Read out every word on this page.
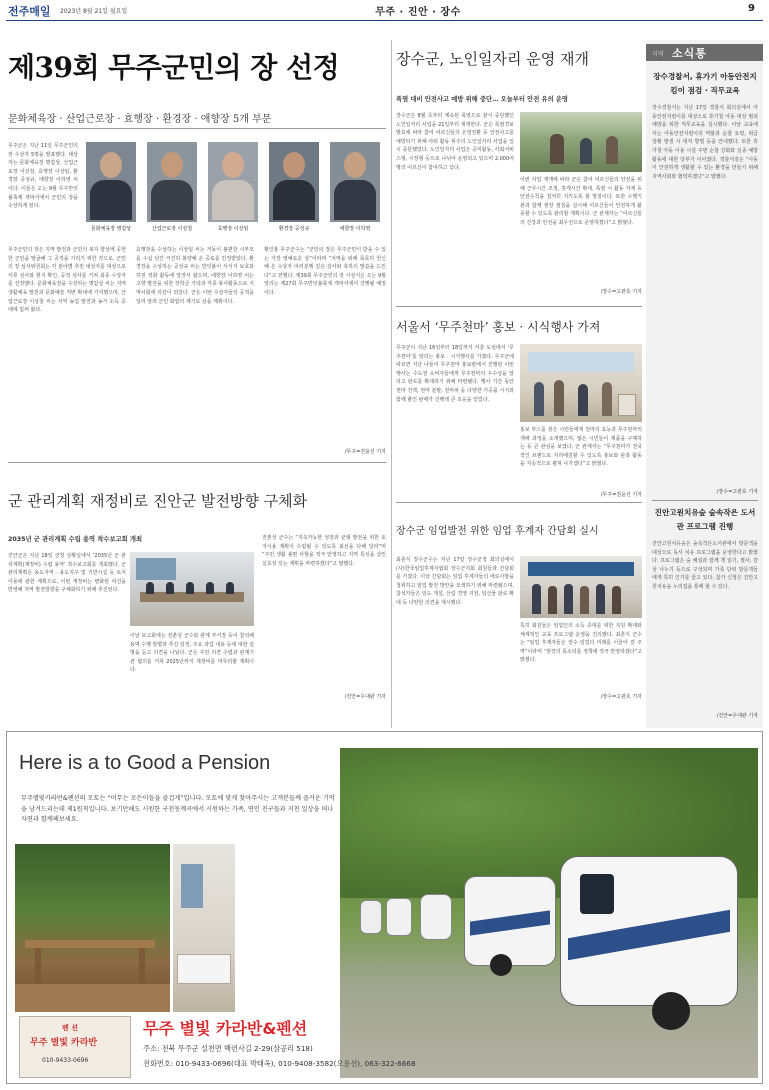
전주매일 2023년 8월 21일 월요일	무주 · 진안 · 장수	9
제39회 무주군민의 장 선정
문화체육장 · 산업근로장 · 효행장 · 환경장 · 애향장 5개 부문
무주군은 지난 11일 무주군민의 장 수상자 5명을 발표했다. 대상자는 문화체육장 명갑상, 산업근로장 이상철, 효행장 이상임, 환경장 공성규, 애향장 이하영 씨이다. 이들은 오는 9월 무주반딧불축제 개막식에서 군민의 장을 수상하게 된다.
문화체육장 명갑상	산업근로장 이상철	효행장 이상임	환경장 공성규	애향장 이하영
무주군민의 장은 지역 발전과 군민의 복지 향상에 공헌한 군민을 발굴해 그 공적을 기리기 위한 것으로, 군민의 장 심사위원회는 각 분야별 추천 대상자를 대상으로 서류 심사와 현지 확인, 공적 심사를 거쳐 최종 수상자를 선정했다. 문화체육장을 수상하는 명갑상 씨는 지역 생활체육 발전과 문화예술 저변 확대에 기여했으며, 산업근로장 이상철 씨는 지역 농업 발전과 농가 소득 증대에 힘써 왔다.
효행장을 수상하는 이상임 씨는 거동이 불편한 시부모를 수십 년간 극진히 봉양해 온 공로를 인정받았다. 환경장을 수상하는 공성규 씨는 반딧불이 서식지 보호와 하천 정화 활동에 앞장서 왔으며, 애향장 이하영 씨는 고향 발전을 위한 장학금 기탁과 각종 봉사활동으로 지역사회에 귀감이 되었다. 군은 이번 수상자들의 공적을 널리 알려 군민 화합의 계기로 삼을 계획이다.
황인홍 무주군수는 “군민의 장은 무주군민이 받을 수 있는 가장 영예로운 상”이라며 “지역을 위해 묵묵히 헌신해 온 수상자 여러분께 깊은 감사와 축하의 말씀을 드린다”고 전했다. 제39회 무주군민의 장 시상식은 오는 9월 열리는 제27회 무주반딧불축제 개막식에서 진행될 예정이다.
/무주=전윤선 기자
장수군, 노인일자리 운영 재개
폭염 대비 안전사고 예방 위해 중단… 오늘부터 안전 유의 운영
장수군은 8월 초부터 계속된 폭염으로 잠시 중단했던 노인일자리 사업을 21일부터 재개한다. 군은 폭염경보 발효에 따라 참여 어르신들의 온열질환 등 안전사고를 예방하기 위해 야외 활동 위주의 노인일자리 사업을 일시 중단했었다. 노인일자리 사업은 공익활동, 사회서비스형, 시장형 등으로 나뉘어 운영되고 있으며 2,000여 명의 어르신이 참여하고 있다.
이번 사업 재개에 따라 군은 참여 어르신들의 안전을 위해 근무시간 조정, 휴게시간 확대, 폭염 시 활동 자제 등 안전수칙을 철저히 지키도록 할 방침이다. 또한 수행기관과 함께 현장 점검을 실시해 어르신들이 안전하게 활동할 수 있도록 관리할 계획이다. 군 관계자는 “어르신들의 건강과 안전을 최우선으로 운영하겠다”고 밝혔다.
/장수=고관호 기자
서울서 ‘무주천마’ 홍보 · 시식행사 가져
무주군이 지난 16일부터 18일까지 서울 도심에서 ‘무주천마’를 알리는 홍보 · 시식행사를 가졌다. 무주군에 따르면 지난 나들이 무주천마 홍보관에서 진행된 이번 행사는 수도권 소비자들에게 무주천마의 우수성을 알리고 판로를 확대하기 위해 마련됐다. 행사 기간 동안 천마 진액, 천마 분말, 천마차 등 다양한 가공품 시식과 함께 할인 판매가 진행돼 큰 호응을 얻었다.
홍보 부스를 찾은 시민들에게 천마의 효능과 무주천마의 재배 과정을 소개했으며, 많은 시민들이 제품을 구매하는 등 큰 관심을 보였다. 군 관계자는 “무주천마가 전국적인 브랜드로 자리매김할 수 있도록 홍보와 판촉 활동을 지속적으로 펼쳐 나가겠다”고 밝혔다.
/무주=전윤선 기자
군 관리계획 재정비로 진안군 발전방향 구체화
2035년 군 관리계획 수립 용역 착수보고회 개최
진안군은 지난 18일 군청 상황실에서 ‘2035년 군 관리계획(재정비) 수립 용역’ 착수보고회를 개최했다. 군 관리계획은 용도지역 · 용도지구 및 기반시설 등 토지이용에 관한 계획으로, 이번 재정비는 변화된 여건을 반영해 지역 발전방향을 구체화하기 위해 추진된다.
이날 보고회에는 전춘성 군수와 관계 부서장 등이 참석해 용역 수행 방향과 추진 일정, 주요 과업 내용 등에 대한 설명을 듣고 의견을 나눴다. 군은 주민 의견 수렴과 관계기관 협의를 거쳐 2025년까지 재정비를 마무리할 계획이다.
전춘성 군수는 “지속가능한 성장과 균형 발전을 위한 토지이용 계획이 수립될 수 있도록 최선을 다해 달라”며 “주민 생활 불편 사항을 적극 반영하고 지역 특성을 살린 실효성 있는 계획을 마련하겠다”고 말했다.
/진안=우대완 기자
장수군 임업발전 위한 임업 후계자 간담회 실시
최훈식 장수군수는 지난 17일 장수군청 회의실에서 (사)한국임업후계자협회 장수군지회 회원들과 간담회를 가졌다. 이날 간담회는 임업 후계자들의 애로사항을 청취하고 임업 발전 방안을 모색하기 위해 마련됐으며, 참석자들은 임도 개설, 산림 경영 지원, 임산물 판로 확대 등 다양한 의견을 제시했다.
특히 회원들은 임업인의 소득 증대를 위한 지원 확대와 체계적인 교육 프로그램 운영을 건의했다. 최훈식 군수는 “임업 후계자들은 장수 임업의 미래를 이끌어 갈 주역”이라며 “현장의 목소리를 정책에 적극 반영하겠다”고 밝혔다.
/장수=고관호 기자
지역 소식통
장수경찰서, 휴가기 아동안전지킴이 점검 · 직무교육
장수경찰서는 지난 17일 경찰서 회의실에서 아동안전지킴이를 대상으로 휴가철 아동 대상 범죄 예방을 위한 직무교육을 실시했다. 이날 교육에서는 아동안전지킴이의 역할과 순찰 요령, 위급 상황 발생 시 대처 방법 등을 안내했다. 또한 휴가철 아동 이용 시설 주변 순찰 강화와 실종 예방 활동에 대한 당부가 이어졌다. 경찰서장은 “아동이 안전하게 생활할 수 있는 환경을 만들기 위해 지역사회와 협력하겠다”고 말했다.
/장수=고관호 기자
진안고원치유숲 숲속작은 도서관 프로그램 진행
진안고원치유숲은 숲속작은도서관에서 방문객을 대상으로 독서 치유 프로그램을 운영한다고 밝혔다. 프로그램은 숲 해설과 함께 책 읽기, 필사, 감상 나누기 등으로 구성되며 가족 단위 방문객들에게 특히 인기를 끌고 있다. 참가 신청은 진안고원치유숲 누리집을 통해 할 수 있다.
/진안=우대완 기자
Here is a to Good a Pension
무주별빛카라반&펜션의 모토는 “머무는 모든이들을 즐겁게”입니다. 모토에 맞게 찾아주시는 고객분들께 즐거운 기억을 남겨드리는데 제1원칙입니다. 보기만해도 시원한 구천동계곡에서 시원하는 가족, 연인 친구들과 지친 일상을 떠나 자연과 함께해보세요.
펜 션
무주 별빛 카라반
010-9433-0696
무주 별빛 카라반&펜션
주소: 전북 무주군 설천면 백련사길 2-29(삼공리 518)
전화번호: 010-9433-0696(대표 박태옥), 010-9408-3582(오용선), 063-322-6668
